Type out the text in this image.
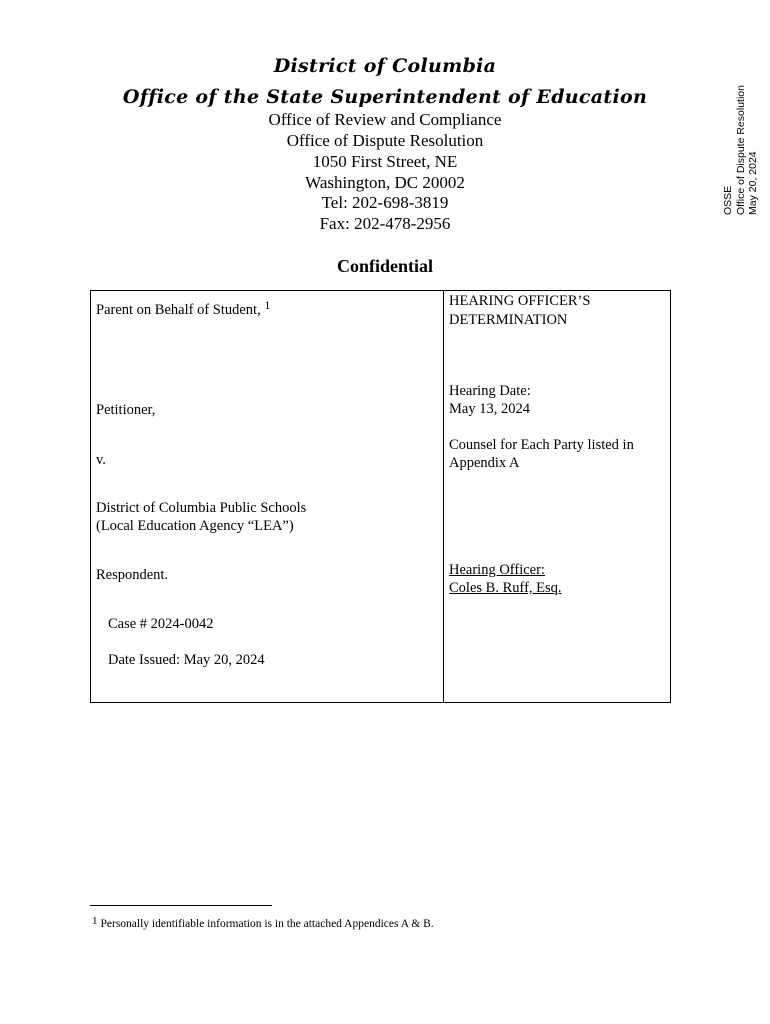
District of Columbia
Office of the State Superintendent of Education
Office of Review and Compliance
Office of Dispute Resolution
1050 First Street, NE
Washington, DC 20002
Tel: 202-698-3819
Fax: 202-478-2956
Confidential
OSSE Office of Dispute Resolution May 20, 2024
Parent on Behalf of Student, $^1$
Petitioner,
v.
District of Columbia Public Schools
(Local Education Agency “LEA”)
Respondent.
Case # 2024-0042
Date Issued: May 20, 2024
HEARING OFFICER’S
DETERMINATION
Hearing Date:
May 13, 2024
Counsel for Each Party listed in
Appendix A
Hearing Officer:
Coles B. Ruff, Esq.
1 Personally identifiable information is in the attached Appendices A & B.
